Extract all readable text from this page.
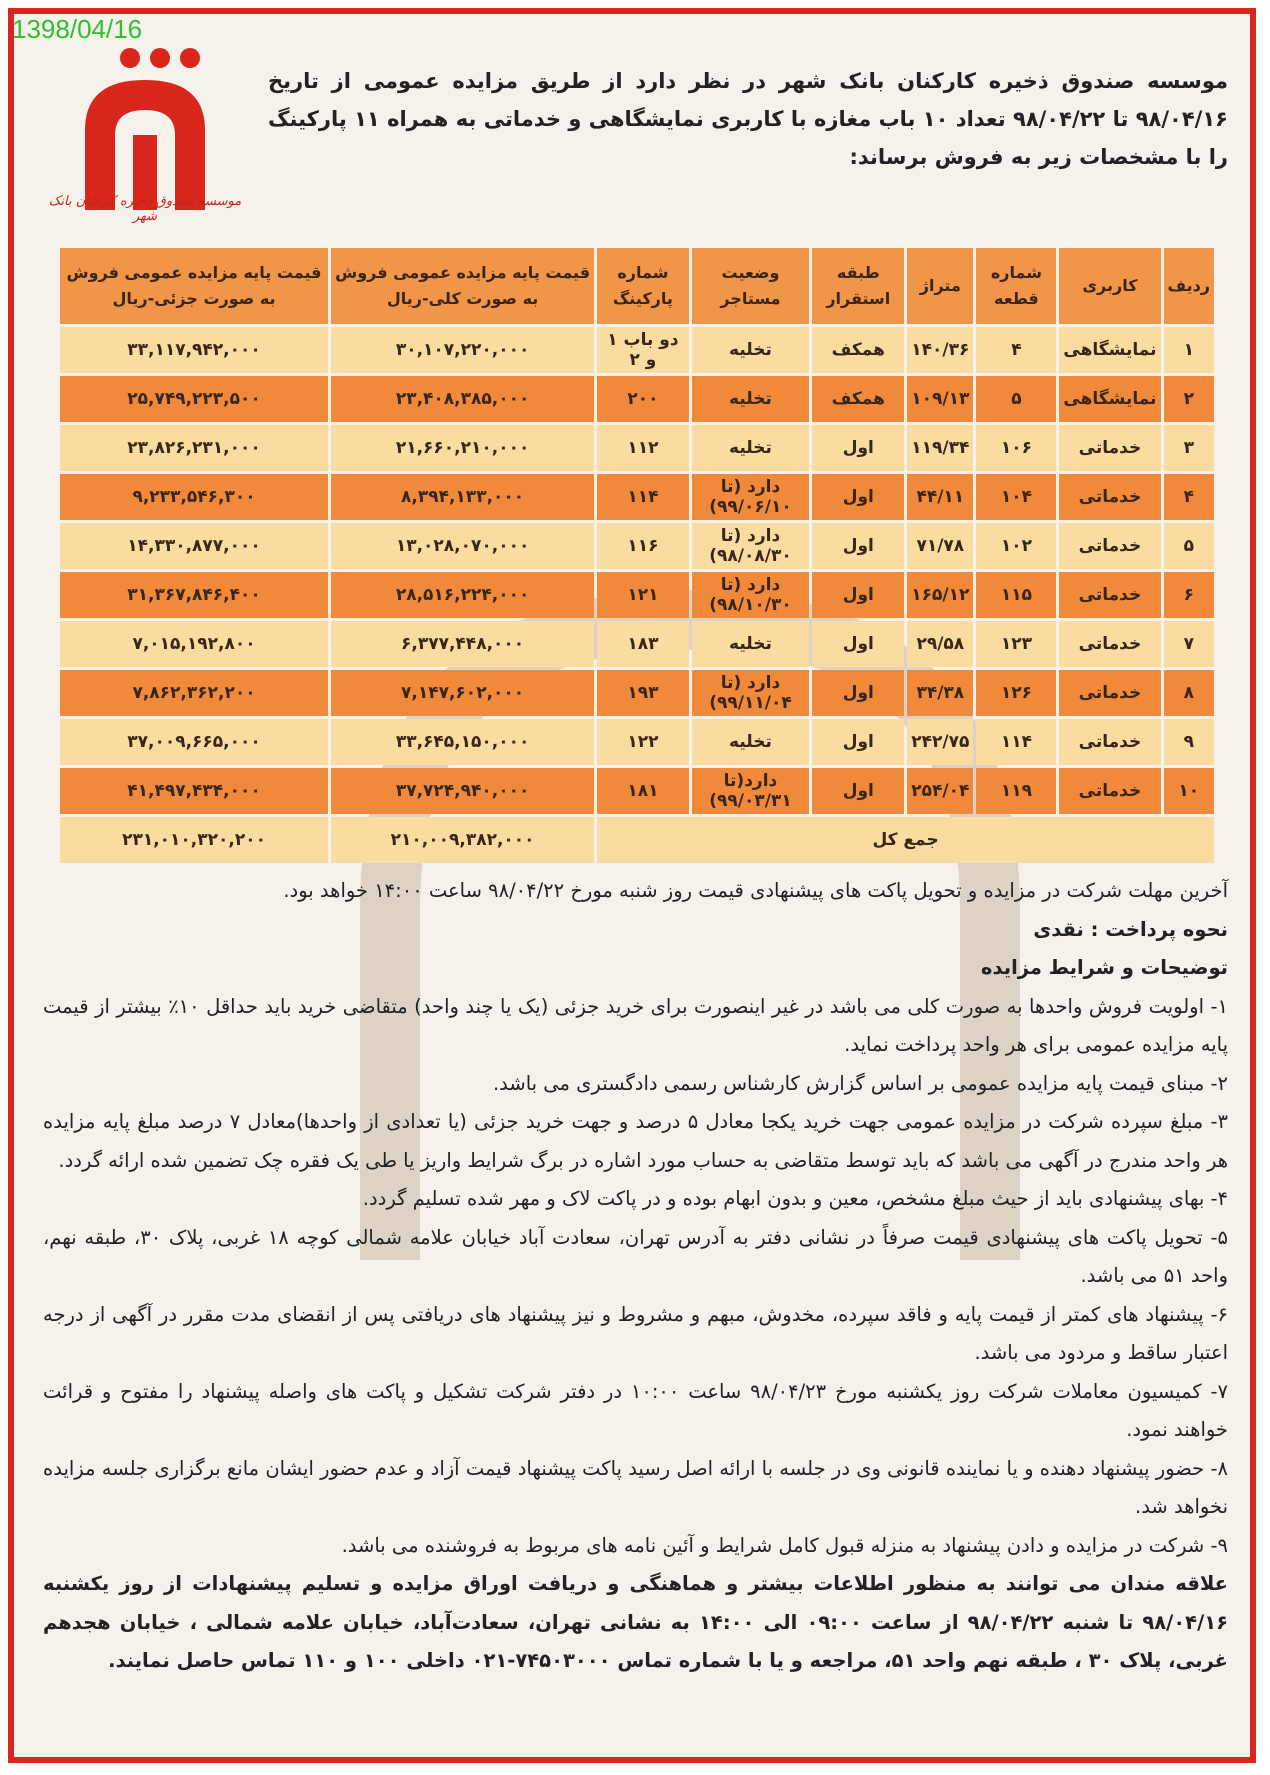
1398/04/16
موسسه صندوق ذخیره کارکنان بانک شهر
موسسه صندوق ذخیره کارکنان بانک شهر در نظر دارد از طریق مزایده عمومی از تاریخ ۹۸/۰۴/۱۶ تا ۹۸/۰۴/۲۲ تعداد ۱۰ باب مغازه با کاربری نمایشگاهی و خدماتی به همراه ۱۱ پارکینگ را با مشخصات زیر به فروش برساند:
ردیف	کاربری	شماره قطعه	متراژ	طبقه استقرار	وضعیت مستاجر	شماره پارکینگ	قیمت پایه مزایده عمومی فروش به صورت کلی-ریال	قیمت پایه مزایده عمومی فروش به صورت جزئی-ریال
۱	نمایشگاهی	۴	۱۴۰/۳۶	همکف	تخلیه	دو باب ۱ و ۲	۳۰,۱۰۷,۲۲۰,۰۰۰	۳۳,۱۱۷,۹۴۲,۰۰۰
۲	نمایشگاهی	۵	۱۰۹/۱۳	همکف	تخلیه	۲۰۰	۲۳,۴۰۸,۳۸۵,۰۰۰	۲۵,۷۴۹,۲۲۳,۵۰۰
۳	خدماتی	۱۰۶	۱۱۹/۳۴	اول	تخلیه	۱۱۲	۲۱,۶۶۰,۲۱۰,۰۰۰	۲۳,۸۲۶,۲۳۱,۰۰۰
۴	خدماتی	۱۰۴	۴۴/۱۱	اول	دارد (تا ۹۹/۰۶/۱۰)	۱۱۴	۸,۳۹۴,۱۳۳,۰۰۰	۹,۲۳۳,۵۴۶,۳۰۰
۵	خدماتی	۱۰۲	۷۱/۷۸	اول	دارد (تا ۹۸/۰۸/۳۰)	۱۱۶	۱۳,۰۲۸,۰۷۰,۰۰۰	۱۴,۳۳۰,۸۷۷,۰۰۰
۶	خدماتی	۱۱۵	۱۶۵/۱۲	اول	دارد (تا ۹۸/۱۰/۳۰)	۱۲۱	۲۸,۵۱۶,۲۲۴,۰۰۰	۳۱,۳۶۷,۸۴۶,۴۰۰
۷	خدماتی	۱۲۳	۲۹/۵۸	اول	تخلیه	۱۸۳	۶,۳۷۷,۴۴۸,۰۰۰	۷,۰۱۵,۱۹۲,۸۰۰
۸	خدماتی	۱۲۶	۳۴/۳۸	اول	دارد (تا ۹۹/۱۱/۰۴)	۱۹۳	۷,۱۴۷,۶۰۲,۰۰۰	۷,۸۶۲,۳۶۲,۲۰۰
۹	خدماتی	۱۱۴	۲۴۲/۷۵	اول	تخلیه	۱۲۲	۳۳,۶۴۵,۱۵۰,۰۰۰	۳۷,۰۰۹,۶۶۵,۰۰۰
۱۰	خدماتی	۱۱۹	۲۵۴/۰۴	اول	دارد(تا ۹۹/۰۳/۳۱)	۱۸۱	۳۷,۷۲۴,۹۴۰,۰۰۰	۴۱,۴۹۷,۴۳۴,۰۰۰
جمع کل							۲۱۰,۰۰۹,۳۸۲,۰۰۰	۲۳۱,۰۱۰,۳۲۰,۲۰۰

آخرین مهلت شرکت در مزایده و تحویل پاکت های پیشنهادی قیمت روز شنبه مورخ ۹۸/۰۴/۲۲ ساعت ۱۴:۰۰ خواهد بود.

نحوه پرداخت : نقدی

توضیحات و شرایط مزایده

۱- اولویت فروش واحدها به صورت کلی می باشد در غیر اینصورت برای خرید جزئی (یک یا چند واحد) متقاضی خرید باید حداقل ۱۰٪ بیشتر از قیمت پایه مزایده عمومی برای هر واحد پرداخت نماید.

۲- مبنای قیمت پایه مزایده عمومی بر اساس گزارش کارشناس رسمی دادگستری می باشد.

۳- مبلغ سپرده شرکت در مزایده عمومی جهت خرید یکجا معادل ۵ درصد و جهت خرید جزئی (یا تعدادی از واحدها)معادل ۷ درصد مبلغ پایه مزایده هر واحد مندرج در آگهی می باشد که باید توسط متقاضی به حساب مورد اشاره در برگ شرایط واریز یا طی یک فقره چک تضمین شده ارائه گردد.

۴- بهای پیشنهادی باید از حیث مبلغ مشخص، معین و بدون ابهام بوده و در پاکت لاک و مهر شده تسلیم گردد.

۵- تحویل پاکت های پیشنهادی قیمت صرفاً در نشانی دفتر به آدرس تهران، سعادت آباد خیابان علامه شمالی کوچه ۱۸ غربی، پلاک ۳۰، طبقه نهم، واحد ۵۱ می باشد.

۶- پیشنهاد های کمتر از قیمت پایه و فاقد سپرده، مخدوش، مبهم و مشروط و نیز پیشنهاد های دریافتی پس از انقضای مدت مقرر در آگهی از درجه اعتبار ساقط و مردود می باشد.

۷- کمیسیون معاملات شرکت روز یکشنبه مورخ ۹۸/۰۴/۲۳ ساعت ۱۰:۰۰ در دفتر شرکت تشکیل و پاکت های واصله پیشنهاد را مفتوح و قرائت خواهند نمود.

۸- حضور پیشنهاد دهنده و یا نماینده قانونی وی در جلسه با ارائه اصل رسید پاکت پیشنهاد قیمت آزاد و عدم حضور ایشان مانع برگزاری جلسه مزایده نخواهد شد.

۹- شرکت در مزایده و دادن پیشنهاد به منزله قبول کامل شرایط و آئین نامه های مربوط به فروشنده می باشد.

علاقه مندان می توانند به منظور اطلاعات بیشتر و هماهنگی و دریافت اوراق مزایده و تسلیم پیشنهادات از روز یکشنبه ۹۸/۰۴/۱۶ تا شنبه ۹۸/۰۴/۲۲ از ساعت ۰۹:۰۰ الی ۱۴:۰۰ به نشانی تهران، سعادت‌آباد، خیابان علامه شمالی ، خیابان هجدهم غربی، پلاک ۳۰ ، طبقه نهم واحد ۵۱، مراجعه و یا با شماره تماس ۷۴۵۰۳۰۰۰-۰۲۱ داخلی ۱۰۰ و ۱۱۰ تماس حاصل نمایند.
